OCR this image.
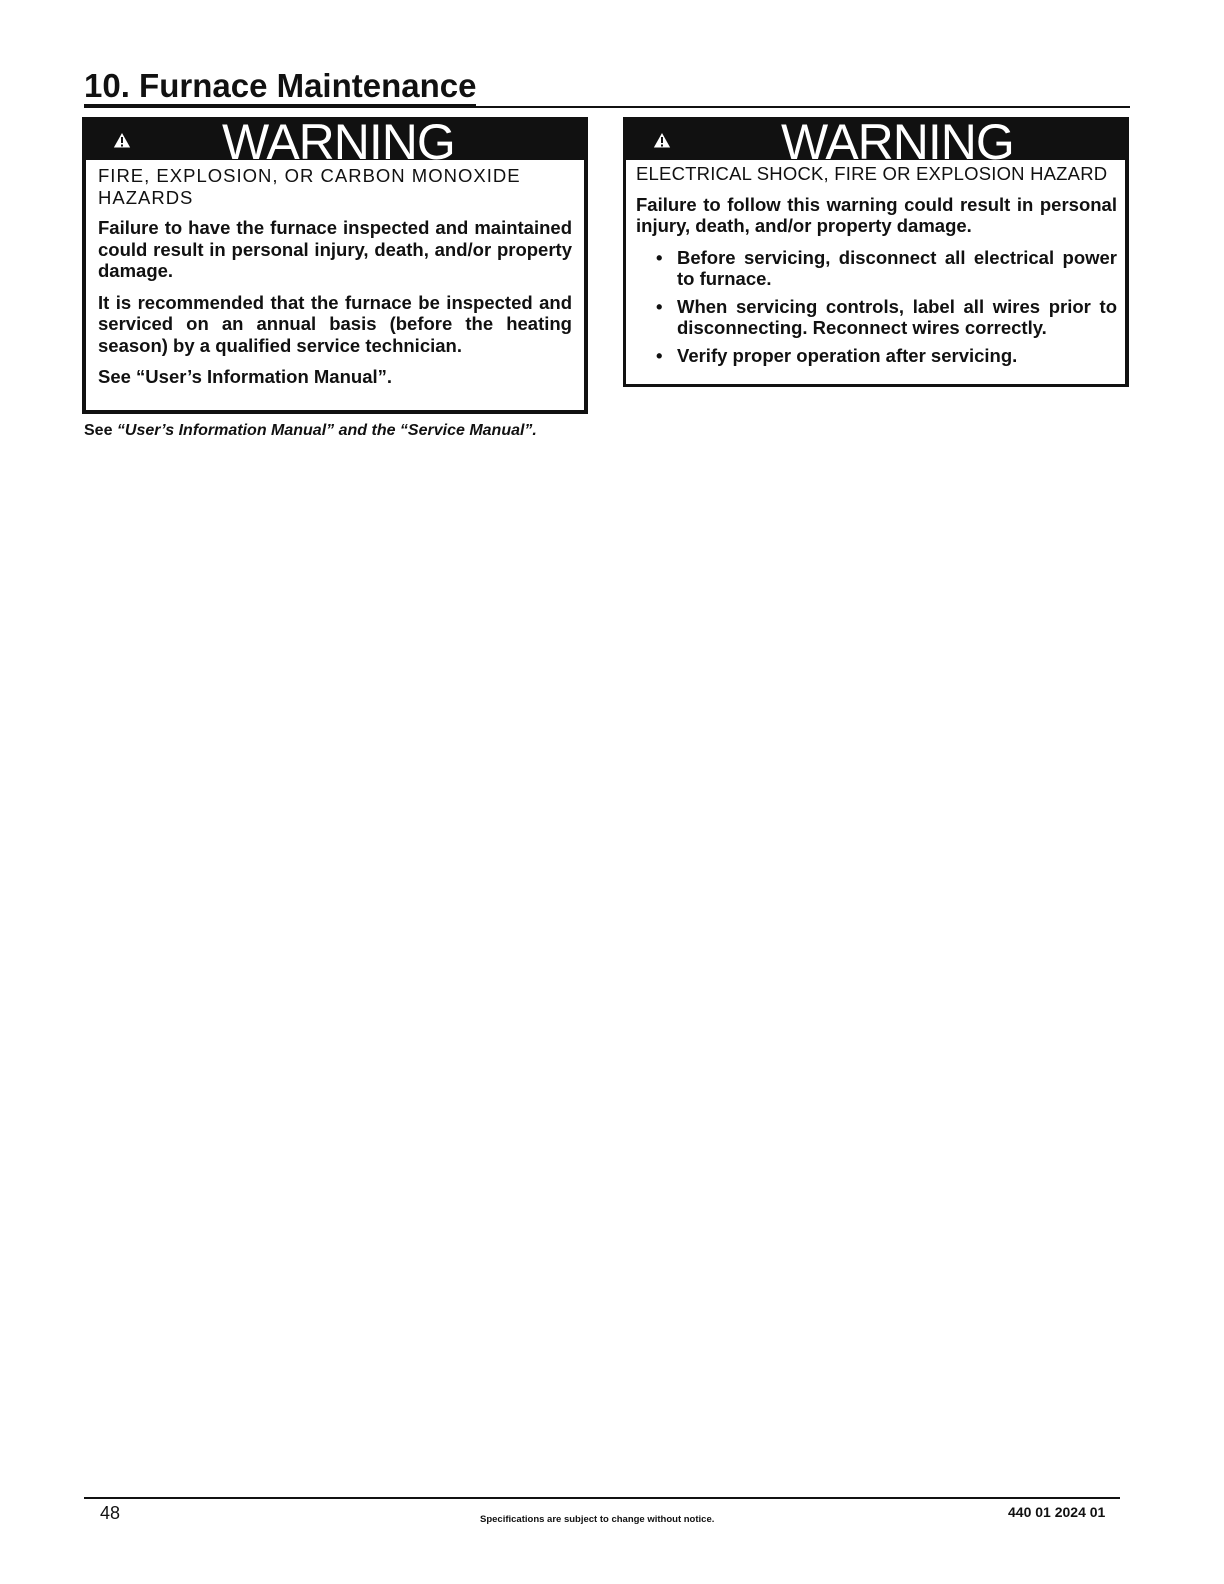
10. Furnace Maintenance
WARNING
FIRE, EXPLOSION, OR CARBON MONOXIDE HAZARDS

Failure to have the furnace inspected and maintained could result in personal injury, death, and/or property damage.

It is recommended that the furnace be inspected and serviced on an annual basis (before the heating season) by a qualified service technician.

See “User’s Information Manual”.

WARNING
ELECTRICAL SHOCK, FIRE OR EXPLOSION HAZARD

Failure to follow this warning could result in personal injury, death, and/or property damage.

• Before servicing, disconnect all electrical power to furnace.
• When servicing controls, label all wires prior to disconnecting. Reconnect wires correctly.
• Verify proper operation after servicing.
See “User’s Information Manual” and the “Service Manual”.
48	Specifications are subject to change without notice.	440 01 2024 01
